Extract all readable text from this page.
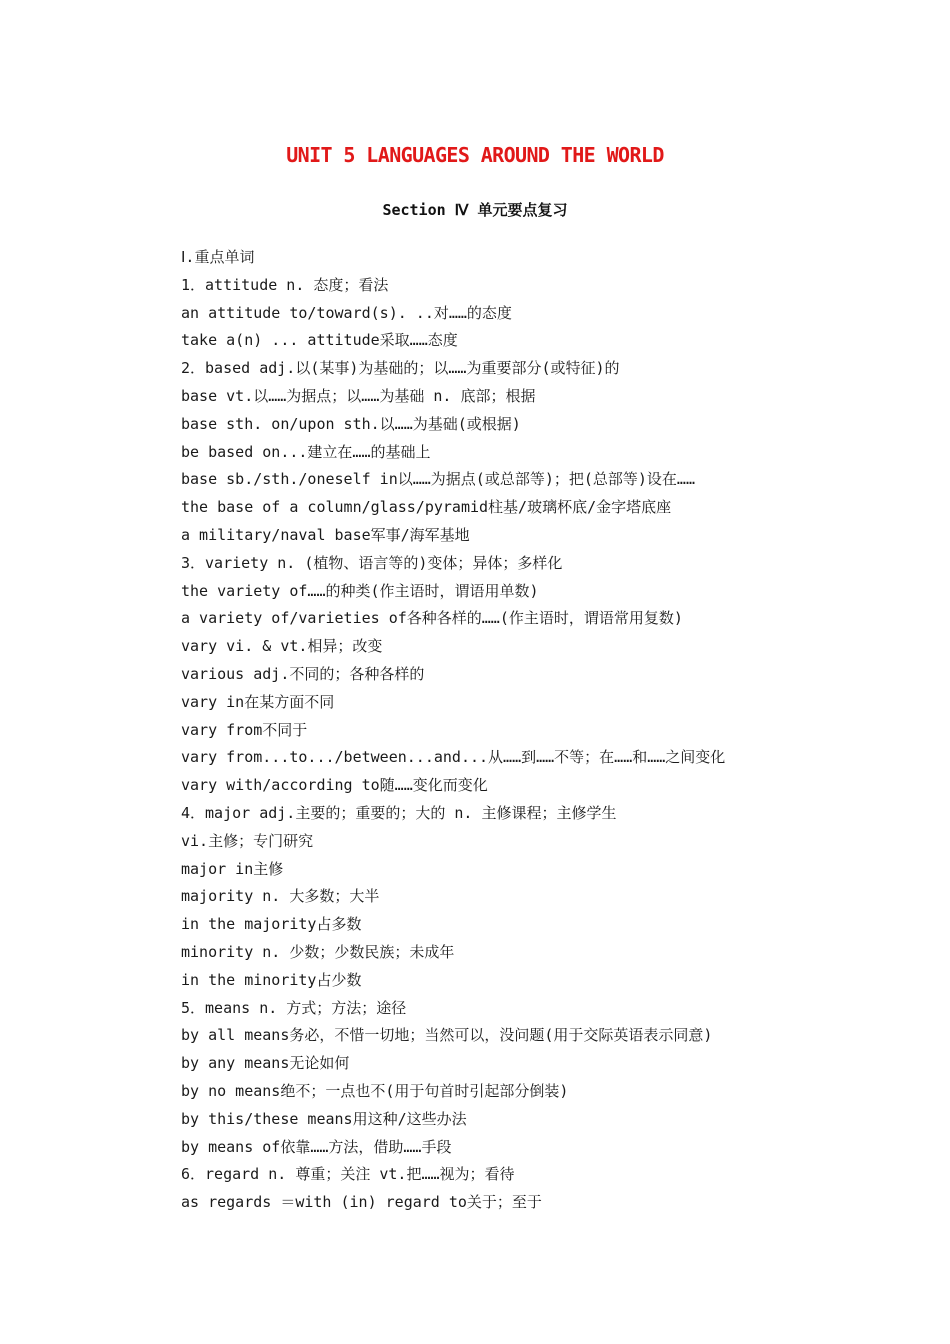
UNIT 5 LANGUAGES AROUND THE WORLD
Section Ⅳ 单元要点复习
Ⅰ.重点单词
1．attitude n. 态度；看法
an attitude to/toward(s). ..对……的态度
take a(n) ... attitude采取……态度
2．based adj.以(某事)为基础的；以……为重要部分(或特征)的
base vt.以……为据点；以……为基础 n. 底部；根据
base sth. on/upon sth.以……为基础(或根据)
be based on...建立在……的基础上
base sb./sth./oneself in以……为据点(或总部等)；把(总部等)设在……
the base of a column/glass/pyramid柱基/玻璃杯底/金字塔底座
a military/naval base军事/海军基地
3．variety n. (植物、语言等的)变体；异体；多样化
the variety of……的种类(作主语时，谓语用单数)
a variety of/varieties of各种各样的……(作主语时，谓语常用复数)
vary vi. & vt.相异；改变
various adj.不同的；各种各样的
vary in在某方面不同
vary from不同于
vary from...to.../between...and...从……到……不等；在……和……之间变化
vary with/according to随……变化而变化
4．major adj.主要的；重要的；大的 n. 主修课程；主修学生
vi.主修；专门研究
major in主修
majority n. 大多数；大半
in the majority占多数
minority n. 少数；少数民族；未成年
in the minority占少数
5．means n. 方式；方法；途径
by all means务必，不惜一切地；当然可以，没问题(用于交际英语表示同意)
by any means无论如何
by no means绝不；一点也不(用于句首时引起部分倒装)
by this/these means用这种/这些办法
by means of依靠……方法，借助……手段
6．regard n. 尊重；关注 vt.把……视为；看待
as regards ＝with (in) regard to关于；至于
